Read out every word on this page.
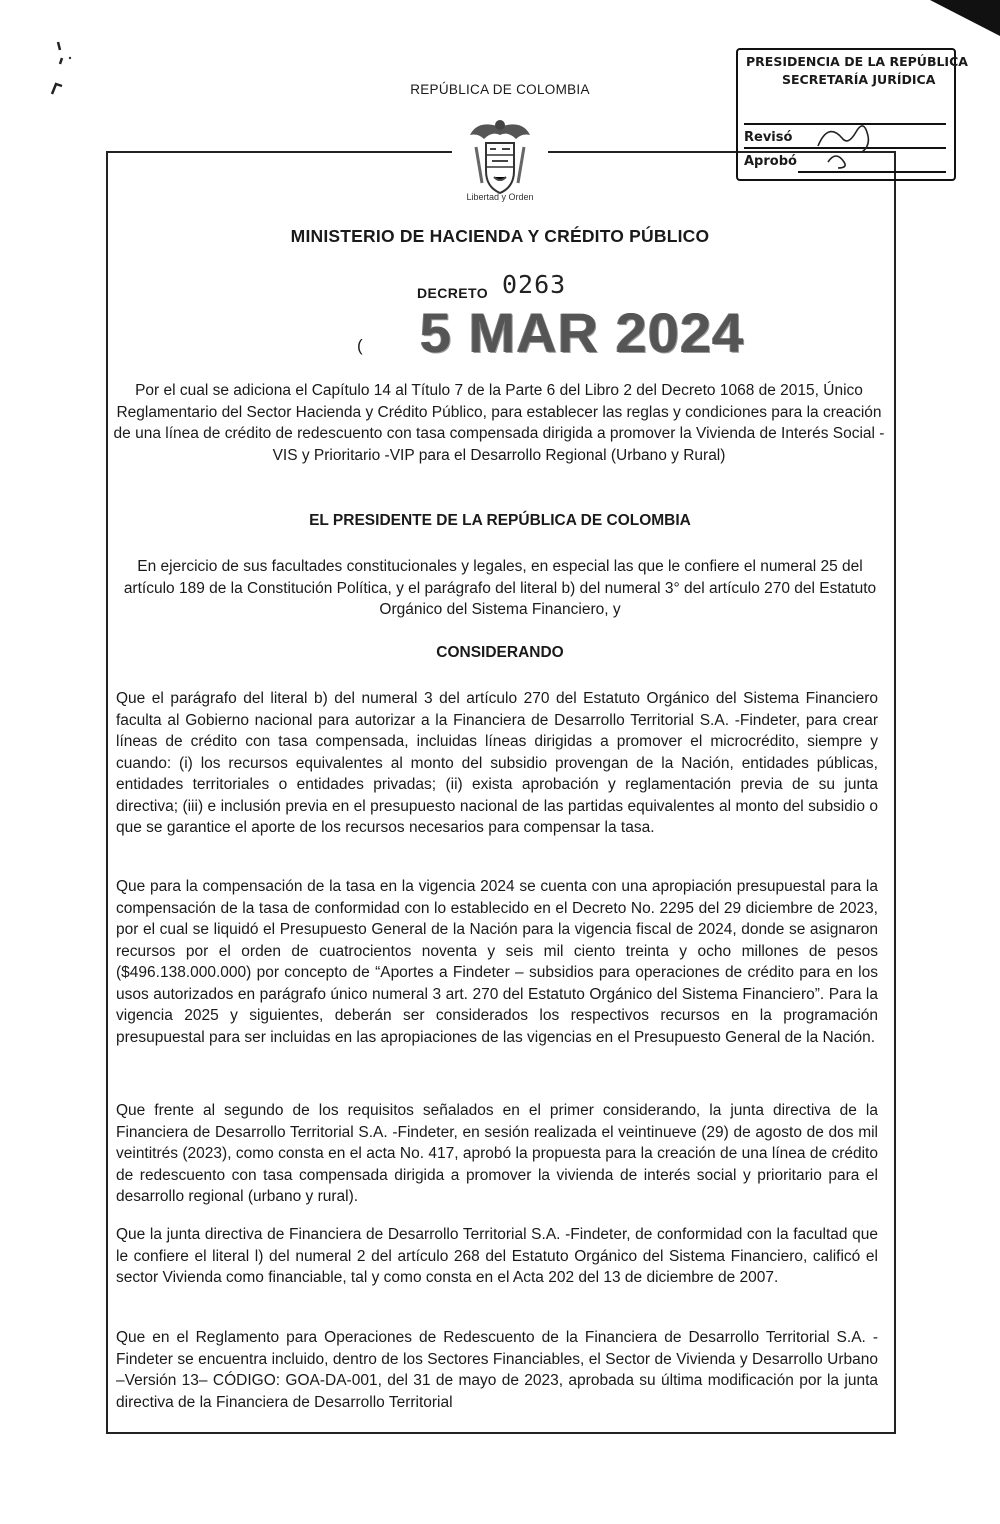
REPÚBLICA DE COLOMBIA
Libertad y Orden
MINISTERIO DE HACIENDA Y CRÉDITO PÚBLICO
DECRETO 0263
( 5 MAR 2024
PRESIDENCIA DE LA REPÚBLICA
SECRETARÍA JURÍDICA
Revisó
Aprobó
Por el cual se adiciona el Capítulo 14 al Título 7 de la Parte 6 del Libro 2 del Decreto 1068 de 2015, Único Reglamentario del Sector Hacienda y Crédito Público, para establecer las reglas y condiciones para la creación de una línea de crédito de redescuento con tasa compensada dirigida a promover la Vivienda de Interés Social -VIS y Prioritario -VIP para el Desarrollo Regional (Urbano y Rural)
EL PRESIDENTE DE LA REPÚBLICA DE COLOMBIA
En ejercicio de sus facultades constitucionales y legales, en especial las que le confiere el numeral 25 del artículo 189 de la Constitución Política, y el parágrafo del literal b) del numeral 3° del artículo 270 del Estatuto Orgánico del Sistema Financiero, y
CONSIDERANDO
Que el parágrafo del literal b) del numeral 3 del artículo 270 del Estatuto Orgánico del Sistema Financiero faculta al Gobierno nacional para autorizar a la Financiera de Desarrollo Territorial S.A. -Findeter, para crear líneas de crédito con tasa compensada, incluidas líneas dirigidas a promover el microcrédito, siempre y cuando: (i) los recursos equivalentes al monto del subsidio provengan de la Nación, entidades públicas, entidades territoriales o entidades privadas; (ii) exista aprobación y reglamentación previa de su junta directiva; (iii) e inclusión previa en el presupuesto nacional de las partidas equivalentes al monto del subsidio o que se garantice el aporte de los recursos necesarios para compensar la tasa.
Que para la compensación de la tasa en la vigencia 2024 se cuenta con una apropiación presupuestal para la compensación de la tasa de conformidad con lo establecido en el Decreto No. 2295 del 29 diciembre de 2023, por el cual se liquidó el Presupuesto General de la Nación para la vigencia fiscal de 2024, donde se asignaron recursos por el orden de cuatrocientos noventa y seis mil ciento treinta y ocho millones de pesos ($496.138.000.000) por concepto de “Aportes a Findeter – subsidios para operaciones de crédito para en los usos autorizados en parágrafo único numeral 3 art. 270 del Estatuto Orgánico del Sistema Financiero”. Para la vigencia 2025 y siguientes, deberán ser considerados los respectivos recursos en la programación presupuestal para ser incluidas en las apropiaciones de las vigencias en el Presupuesto General de la Nación.
Que frente al segundo de los requisitos señalados en el primer considerando, la junta directiva de la Financiera de Desarrollo Territorial S.A. -Findeter, en sesión realizada el veintinueve (29) de agosto de dos mil veintitrés (2023), como consta en el acta No. 417, aprobó la propuesta para la creación de una línea de crédito de redescuento con tasa compensada dirigida a promover la vivienda de interés social y prioritario para el desarrollo regional (urbano y rural).
Que la junta directiva de Financiera de Desarrollo Territorial S.A. -Findeter, de conformidad con la facultad que le confiere el literal l) del numeral 2 del artículo 268 del Estatuto Orgánico del Sistema Financiero, calificó el sector Vivienda como financiable, tal y como consta en el Acta 202 del 13 de diciembre de 2007.
Que en el Reglamento para Operaciones de Redescuento de la Financiera de Desarrollo Territorial S.A. -Findeter se encuentra incluido, dentro de los Sectores Financiables, el Sector de Vivienda y Desarrollo Urbano –Versión 13– CÓDIGO: GOA-DA-001, del 31 de mayo de 2023, aprobada su última modificación por la junta directiva de la Financiera de Desarrollo Territorial
